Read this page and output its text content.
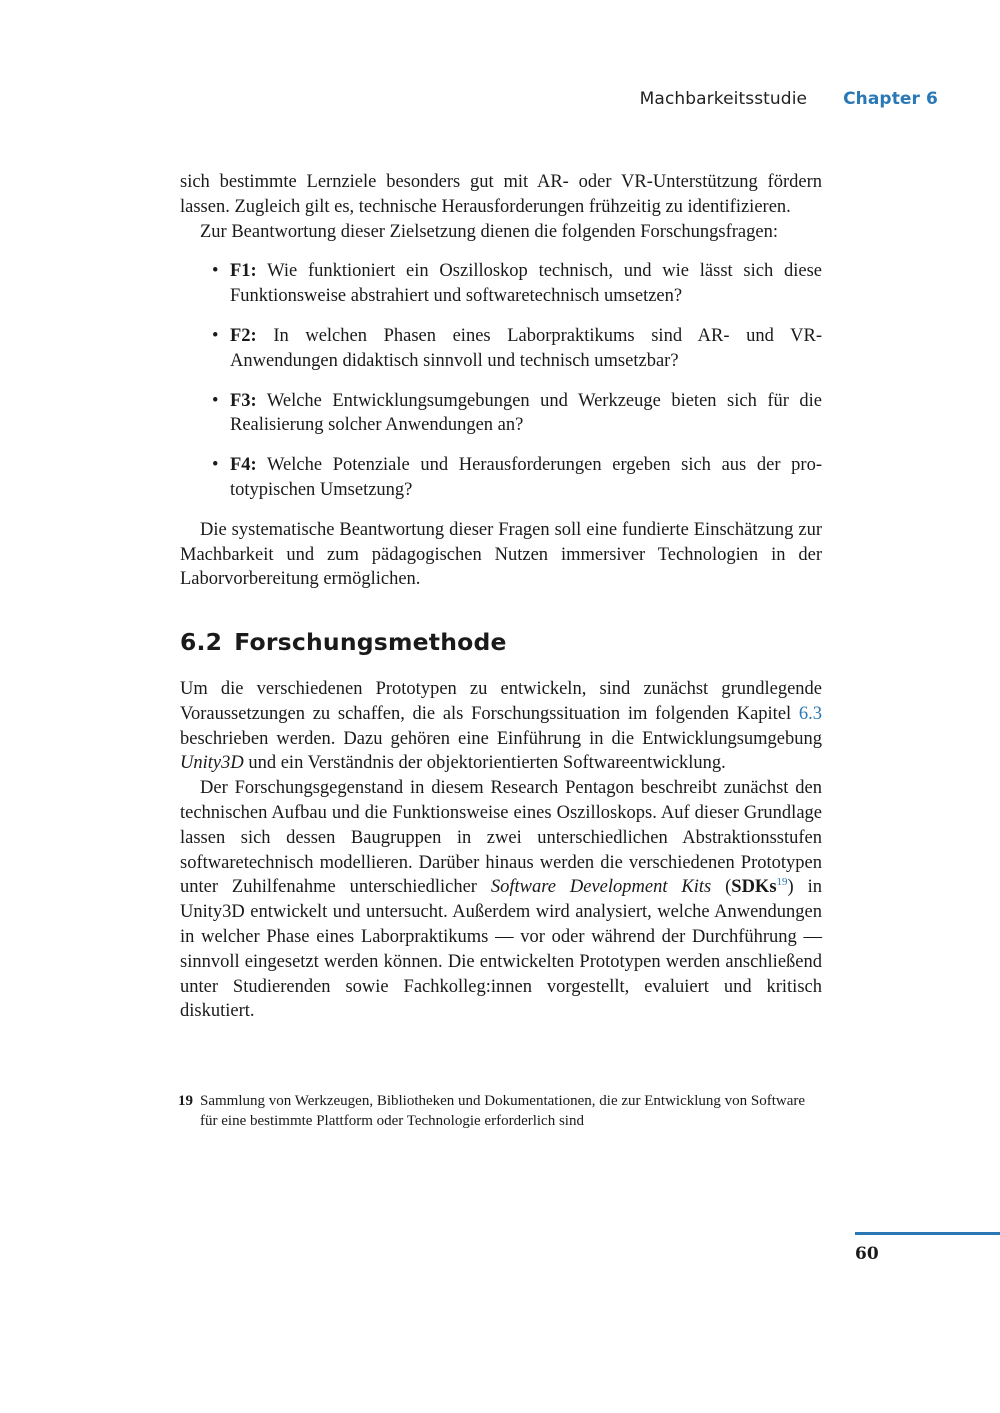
Machbarkeitsstudie Chapter 6

sich bestimmte Lernziele besonders gut mit AR- oder VR-Unterstützung fördern lassen. Zugleich gilt es, technische Herausforderungen frühzeitig zu identifizieren.

Zur Beantwortung dieser Zielsetzung dienen die folgenden Forschungsfragen:

• F1: Wie funktioniert ein Oszilloskop technisch, und wie lässt sich diese Funktionsweise abstrahiert und softwaretechnisch umsetzen?
• F2: In welchen Phasen eines Laborpraktikums sind AR- und VR-Anwendungen didaktisch sinnvoll und technisch umsetzbar?
• F3: Welche Entwicklungsumgebungen und Werkzeuge bieten sich für die Realisierung solcher Anwendungen an?
• F4: Welche Potenziale und Herausforderungen ergeben sich aus der prototypischen Umsetzung?

Die systematische Beantwortung dieser Fragen soll eine fundierte Einschätzung zur Machbarkeit und zum pädagogischen Nutzen immersiver Technologien in der Laborvorbereitung ermöglichen.

6.2 Forschungsmethode

Um die verschiedenen Prototypen zu entwickeln, sind zunächst grundlegende Voraussetzungen zu schaffen, die als Forschungssituation im folgenden Kapitel 6.3 beschrieben werden. Dazu gehören eine Einführung in die Entwicklungsumgebung Unity3D und ein Verständnis der objektorientierten Softwareentwicklung.

Der Forschungsgegenstand in diesem Research Pentagon beschreibt zunächst den technischen Aufbau und die Funktionsweise eines Oszilloskops. Auf dieser Grundlage lassen sich dessen Baugruppen in zwei unterschiedlichen Abstraktionsstufen softwaretechnisch modellieren. Darüber hinaus werden die verschiedenen Prototypen unter Zuhilfenahme unterschiedlicher Software Development Kits (SDKs$^{19}$) in Unity3D entwickelt und untersucht. Außerdem wird analysiert, welche Anwendungen in welcher Phase eines Laborpraktikums — vor oder während der Durchführung — sinnvoll eingesetzt werden können. Die entwickelten Prototypen werden anschließend unter Studierenden sowie Fachkolleg:innen vorgestellt, evaluiert und kritisch diskutiert.

19 Sammlung von Werkzeugen, Bibliotheken und Dokumentationen, die zur Entwicklung von Software für eine bestimmte Plattform oder Technologie erforderlich sind
60
